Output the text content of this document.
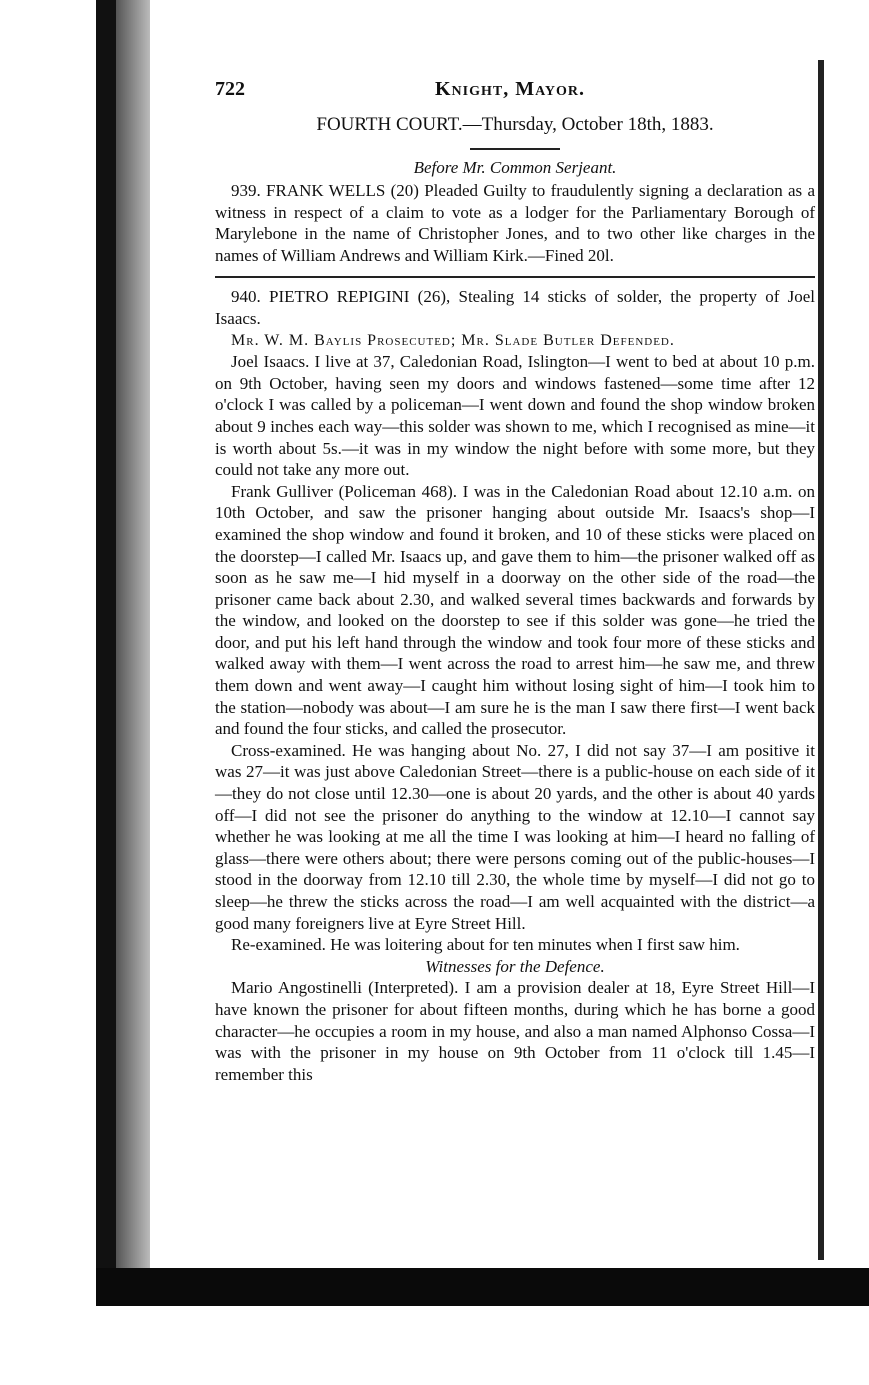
722	Knight, Mayor.
FOURTH COURT.—Thursday, October 18th, 1883.
Before Mr. Common Serjeant.

939. FRANK WELLS (20) Pleaded Guilty to fraudulently signing a declaration as a witness in respect of a claim to vote as a lodger for the Parliamentary Borough of Marylebone in the name of Christopher Jones, and to two other like charges in the names of William Andrews and William Kirk.—Fined 20l.

940. PIETRO REPIGINI (26), Stealing 14 sticks of solder, the property of Joel Isaacs.

Mr. W. M. Baylis Prosecuted; Mr. Slade Butler Defended.

Joel Isaacs. I live at 37, Caledonian Road, Islington—I went to bed at about 10 p.m. on 9th October, having seen my doors and windows fastened—some time after 12 o'clock I was called by a policeman—I went down and found the shop window broken about 9 inches each way—this solder was shown to me, which I recognised as mine—it is worth about 5s.—it was in my window the night before with some more, but they could not take any more out.

Frank Gulliver (Policeman 468). I was in the Caledonian Road about 12.10 a.m. on 10th October, and saw the prisoner hanging about outside Mr. Isaacs's shop—I examined the shop window and found it broken, and 10 of these sticks were placed on the doorstep—I called Mr. Isaacs up, and gave them to him—the prisoner walked off as soon as he saw me—I hid myself in a doorway on the other side of the road—the prisoner came back about 2.30, and walked several times backwards and forwards by the window, and looked on the doorstep to see if this solder was gone—he tried the door, and put his left hand through the window and took four more of these sticks and walked away with them—I went across the road to arrest him—he saw me, and threw them down and went away—I caught him without losing sight of him—I took him to the station—nobody was about—I am sure he is the man I saw there first—I went back and found the four sticks, and called the prosecutor.

Cross-examined. He was hanging about No. 27, I did not say 37—I am positive it was 27—it was just above Caledonian Street—there is a public-house on each side of it—they do not close until 12.30—one is about 20 yards, and the other is about 40 yards off—I did not see the prisoner do anything to the window at 12.10—I cannot say whether he was looking at me all the time I was looking at him—I heard no falling of glass—there were others about; there were persons coming out of the public-houses—I stood in the doorway from 12.10 till 2.30, the whole time by myself—I did not go to sleep—he threw the sticks across the road—I am well acquainted with the district—a good many foreigners live at Eyre Street Hill.

Re-examined. He was loitering about for ten minutes when I first saw him.

Witnesses for the Defence.

Mario Angostinelli (Interpreted). I am a provision dealer at 18, Eyre Street Hill—I have known the prisoner for about fifteen months, during which he has borne a good character—he occupies a room in my house, and also a man named Alphonso Cossa—I was with the prisoner in my house on 9th October from 11 o'clock till 1.45—I remember this
